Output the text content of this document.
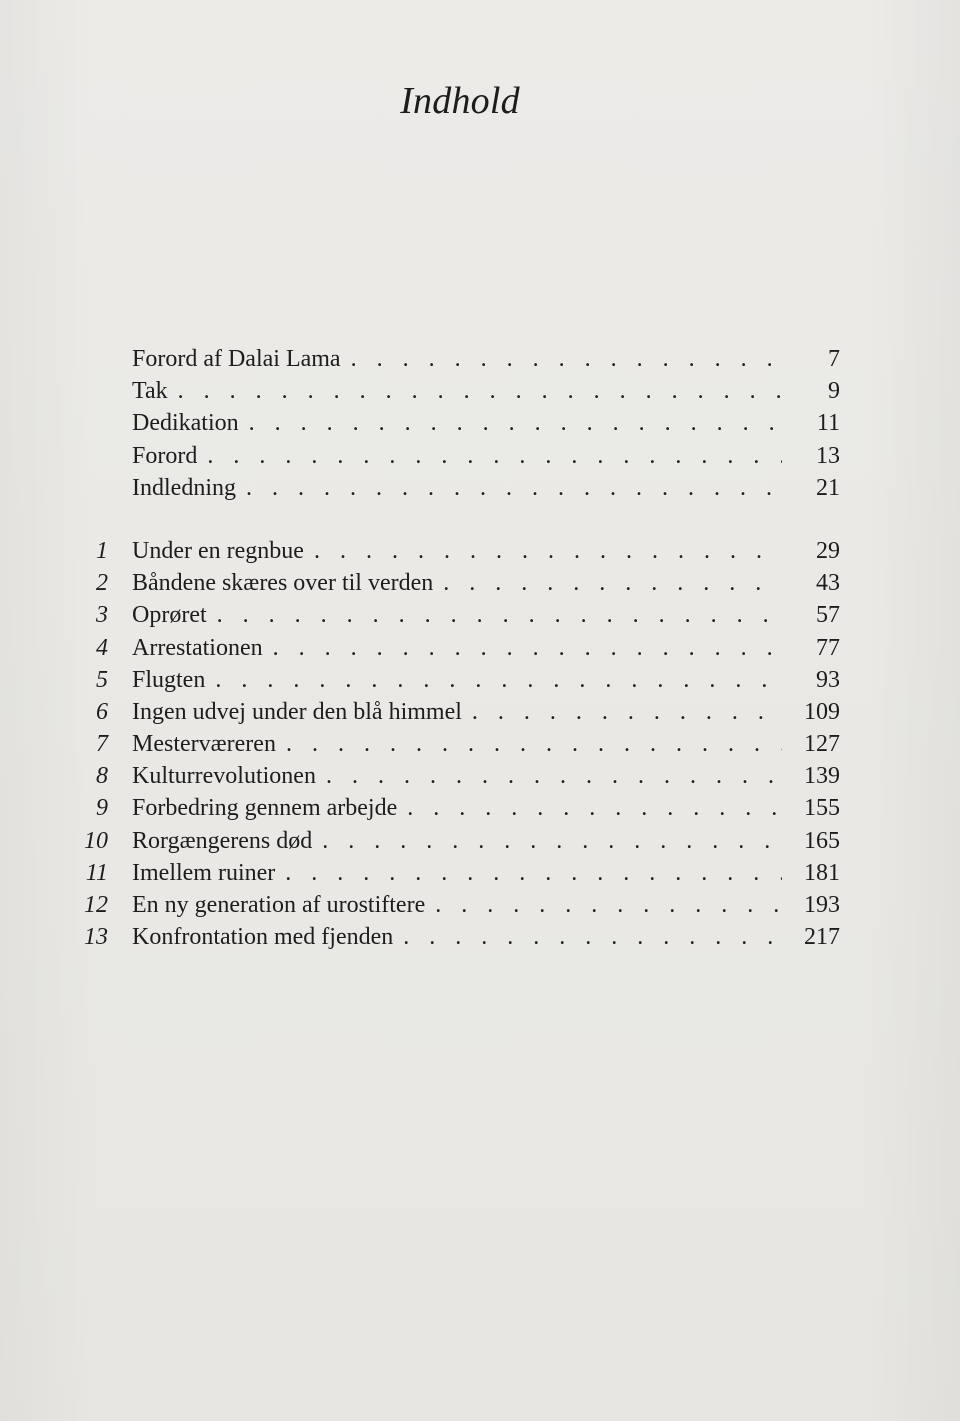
Indhold
Forord af Dalai Lama . . .	7
Tak . . .	9
Dedikation . . .	11
Forord . . .	13
Indledning . . .	21
1 Under en regnbue . . .	29
2 Båndene skæres over til verden . . .	43
3 Oprøret . . .	57
4 Arrestationen . . .	77
5 Flugten . . .	93
6 Ingen udvej under den blå himmel . . .	109
7 Mesterværeren . . .	127
8 Kulturrevolutionen . . .	139
9 Forbedring gennem arbejde . . .	155
10 Rorgængerens død . . .	165
11 Imellem ruiner . . .	181
12 En ny generation af urostiftere . . .	193
13 Konfrontation med fjenden . . .	217
